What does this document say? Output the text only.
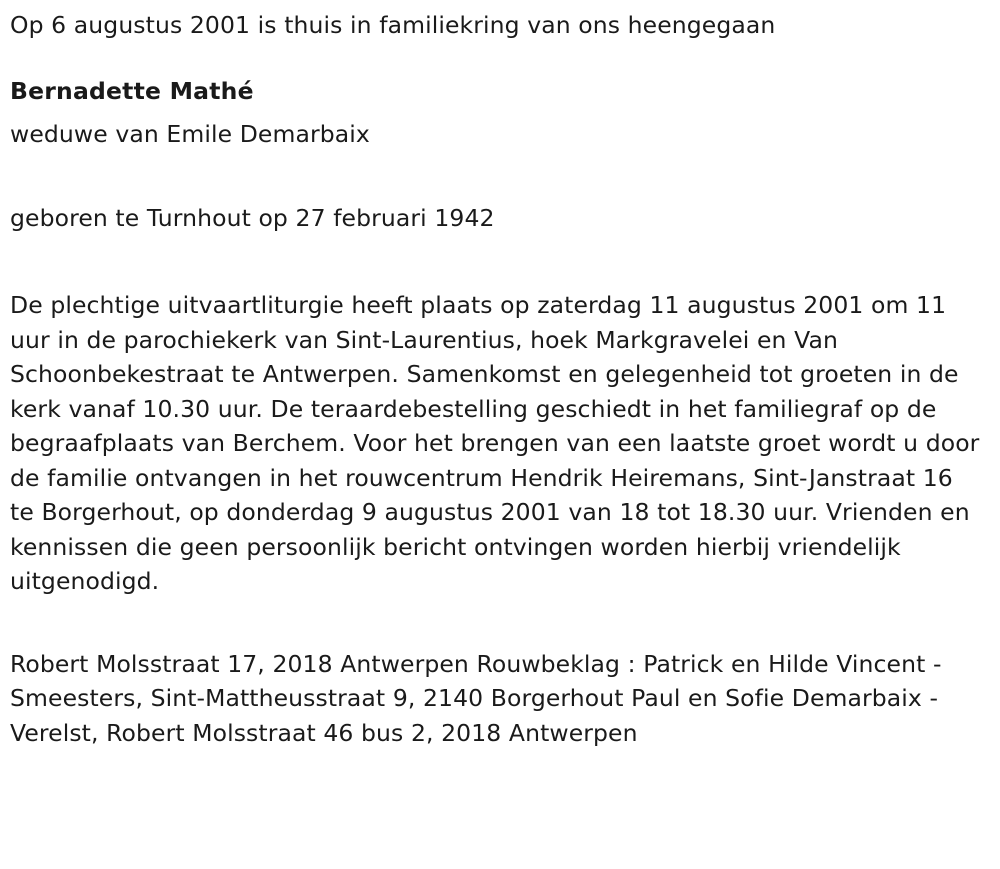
Op 6 augustus 2001 is thuis in familiekring van ons heengegaan

Bernadette Mathé

weduwe van Emile Demarbaix

geboren te Turnhout op 27 februari 1942

De plechtige uitvaartliturgie heeft plaats op zaterdag 11 augustus 2001 om 11 uur in de parochiekerk van Sint-Laurentius, hoek Markgravelei en Van Schoonbekestraat te Antwerpen. Samenkomst en gelegenheid tot groeten in de kerk vanaf 10.30 uur. De teraardebestelling geschiedt in het familiegraf op de begraafplaats van Berchem. Voor het brengen van een laatste groet wordt u door de familie ontvangen in het rouwcentrum Hendrik Heiremans, Sint-Janstraat 16 te Borgerhout, op donderdag 9 augustus 2001 van 18 tot 18.30 uur. Vrienden en kennissen die geen persoonlijk bericht ontvingen worden hierbij vriendelijk uitgenodigd.

Robert Molsstraat 17, 2018 Antwerpen Rouwbeklag : Patrick en Hilde Vincent - Smeesters, Sint-Mattheusstraat 9, 2140 Borgerhout Paul en Sofie Demarbaix - Verelst, Robert Molsstraat 46 bus 2, 2018 Antwerpen
